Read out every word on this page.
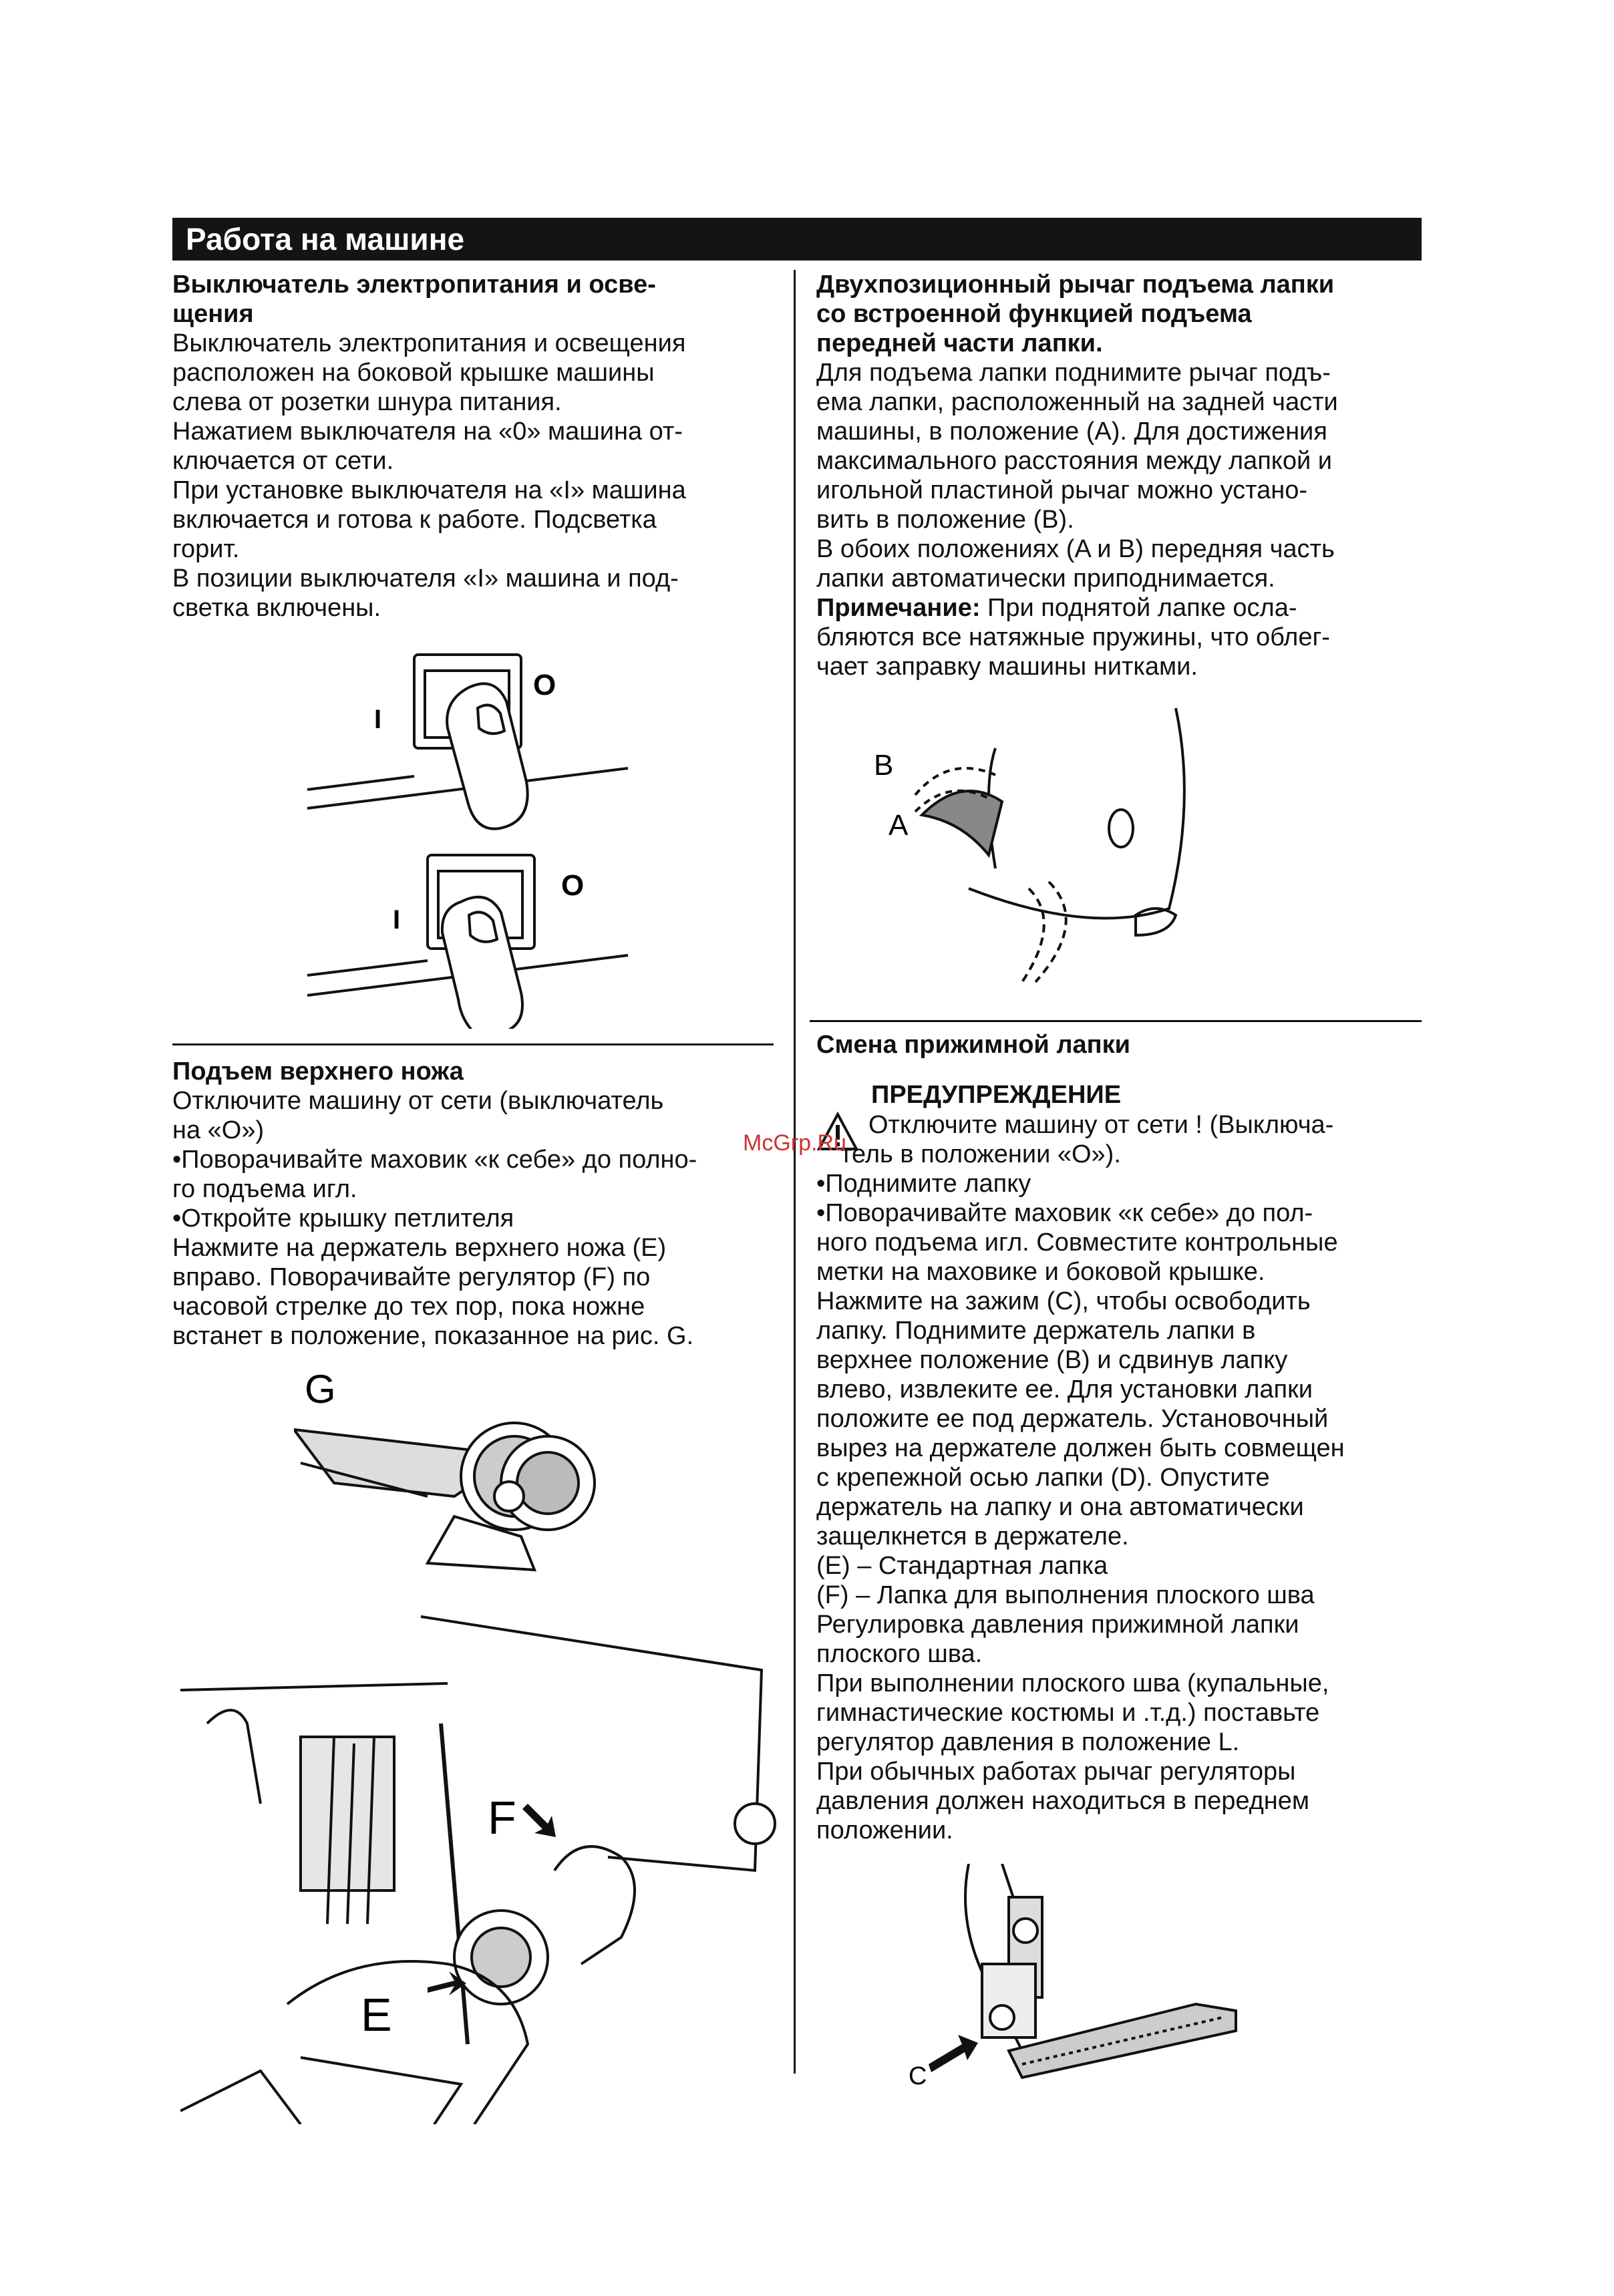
Работа на машине
Выключатель электропитания и осве-
щения
Выключатель электропитания и освещения
расположен на боковой крышке машины
слева от розетки шнура питания.
Нажатием выключателя на «0» машина от-
ключается от сети.
При установке выключателя на «I» машина
включается и готова к работе. Подсветка
горит.
В позиции выключателя «I» машина и под-
светка включены.
I
O
I
O
Подъем верхнего ножа
Отключите машину от сети (выключатель
на «О»)
•Поворачивайте маховик «к себе» до полно-
го подъема игл.
•Откройте крышку петлителя
Нажмите на держатель верхнего ножа (E)
вправо. Поворачивайте регулятор (F) по
часовой стрелке до тех пор, пока ножне
встанет в положение, показанное на рис. G.
G
E
F
Двухпозиционный рычаг подъема лапки
со встроенной функцией подъема
передней части лапки.
Для подъема лапки поднимите рычаг подъ-
ема лапки, расположенный на задней части
машины, в положение (A). Для достижения
максимального расстояния между лапкой и
игольной пластиной рычаг можно устано-
вить в положение (B).
В обоих положениях (A и B) передняя часть
лапки автоматически приподнимается.
Примечание: При поднятой лапке осла-
бляются все натяжные пружины, что облег-
чает заправку машины нитками.
B
A
Смена прижимной лапки
ПРЕДУПРЕЖДЕНИЕ
Отключите машину от сети ! (Выключа-
тель в положении «О»).
•Поднимите лапку
•Поворачивайте маховик «к себе» до пол-
ного подъема игл. Совместите контрольные
метки на маховике и боковой крышке.
Нажмите на зажим (C), чтобы освободить
лапку. Поднимите держатель лапки в
верхнее положение (B) и сдвинув лапку
влево, извлеките ее. Для установки лапки
положите ее под держатель. Установочный
вырез на держателе должен быть совмещен
с крепежной осью лапки (D). Опустите
держатель на лапку и она автоматически
защелкнется в держателе.
(E) – Стандартная лапка
(F) – Лапка для выполнения плоского шва
Регулировка давления прижимной лапки
плоского шва.
При выполнении плоского шва (купальные,
гимнастические костюмы и .т.д.) поставьте
регулятор давления в положение L.
При обычных работах рычаг регуляторы
давления должен находиться в переднем
положении.
C
McGrp.Ru
